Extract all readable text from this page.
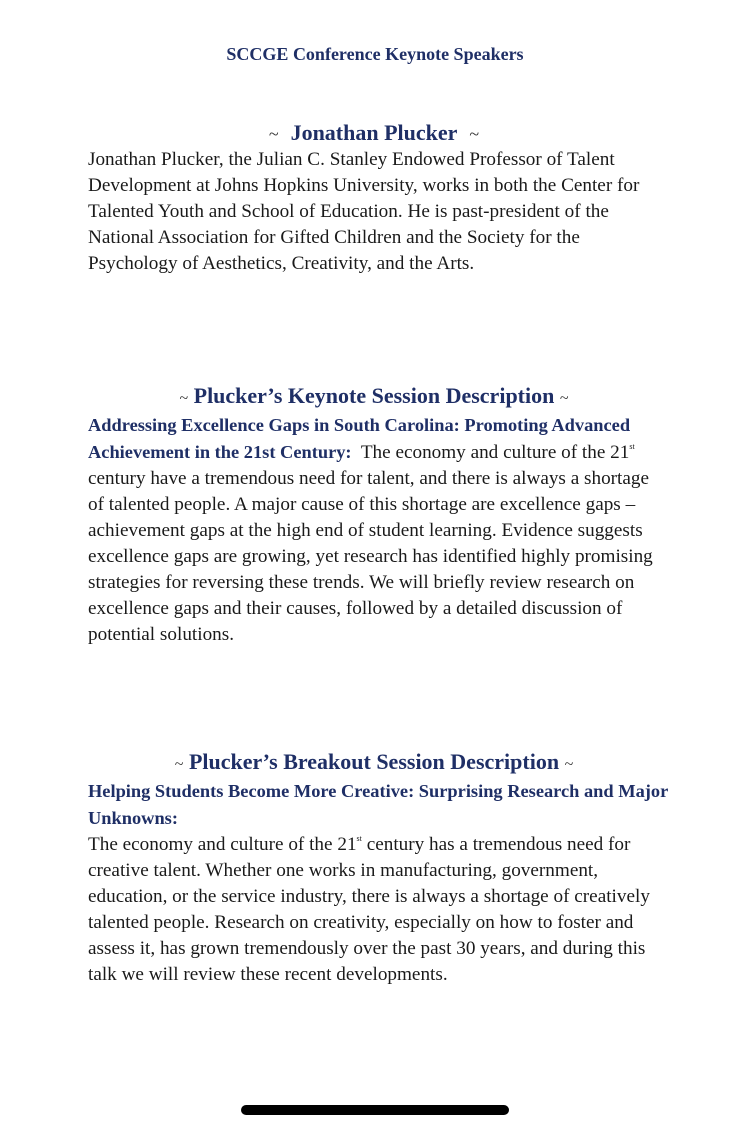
SCCGE Conference Keynote Speakers
~ Jonathan Plucker ~

Jonathan Plucker, the Julian C. Stanley Endowed Professor of Talent Development at Johns Hopkins University, works in both the Center for Talented Youth and School of Education. He is past-president of the National Association for Gifted Children and the Society for the Psychology of Aesthetics, Creativity, and the Arts.

~ Plucker’s Keynote Session Description ~

Addressing Excellence Gaps in South Carolina: Promoting Advanced Achievement in the 21st Century: The economy and culture of the 21st century have a tremendous need for talent, and there is always a shortage of talented people. A major cause of this shortage are excellence gaps – achievement gaps at the high end of student learning. Evidence suggests excellence gaps are growing, yet research has identified highly promising strategies for reversing these trends. We will briefly review research on excellence gaps and their causes, followed by a detailed discussion of potential solutions.

~ Plucker’s Breakout Session Description ~

Helping Students Become More Creative: Surprising Research and Major Unknowns:

The economy and culture of the 21st century has a tremendous need for creative talent. Whether one works in manufacturing, government, education, or the service industry, there is always a shortage of creatively talented people. Research on creativity, especially on how to foster and assess it, has grown tremendously over the past 30 years, and during this talk we will review these recent developments.
